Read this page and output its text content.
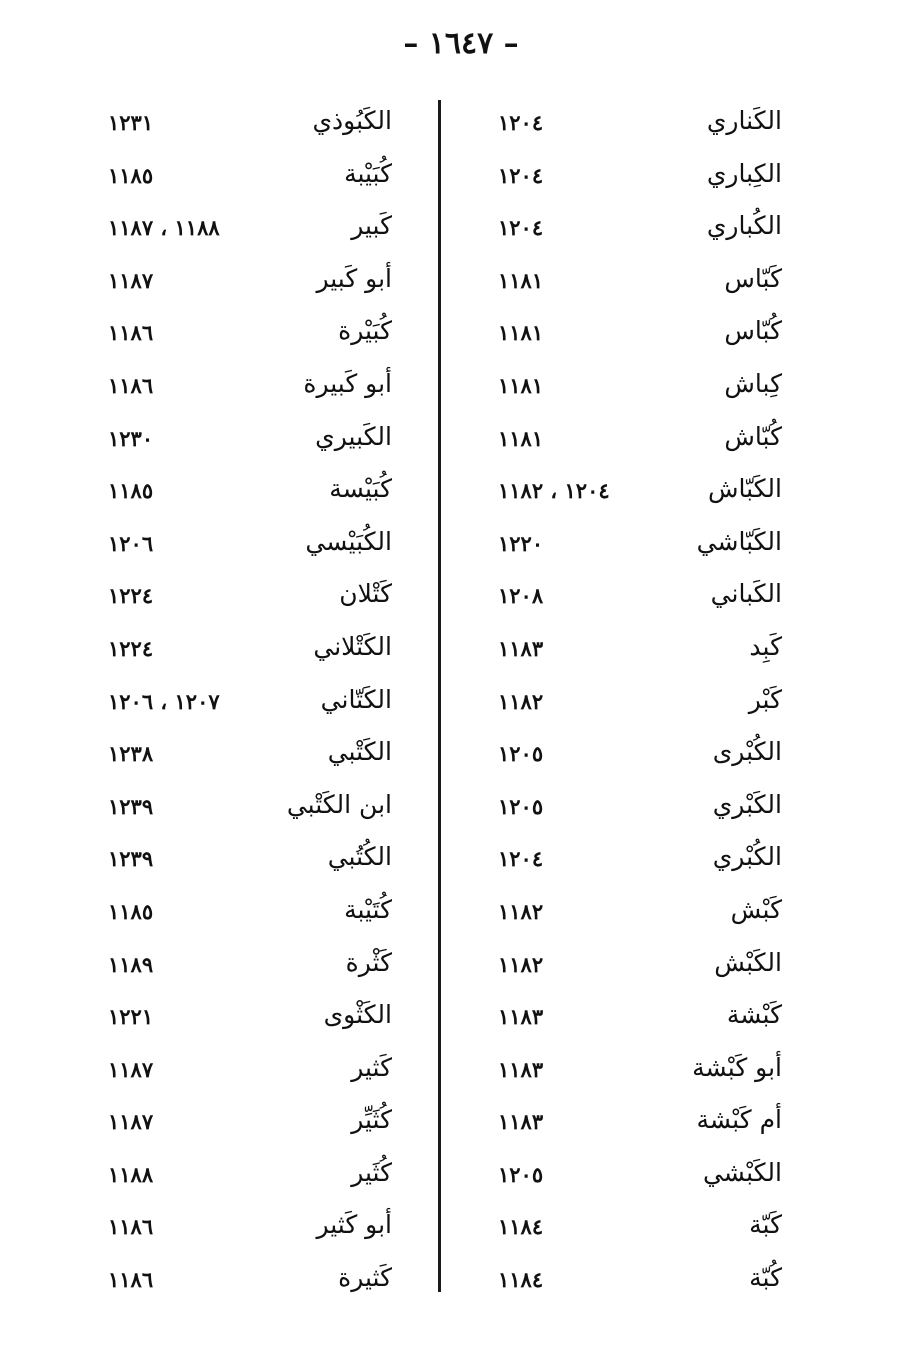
– ١٦٤٧ –
الكَناري
١٢٠٤
الكِباري
١٢٠٤
الكُباري
١٢٠٤
كَبّاس
١١٨١
كُبّاس
١١٨١
كِباش
١١٨١
كُبّاش
١١٨١
الكَبّاش
١٢٠٤ ، ١١٨٢
الكَبّاشي
١٢٢٠
الكَباني
١٢٠٨
كَبِد
١١٨٣
كَبْر
١١٨٢
الكُبْرى
١٢٠٥
الكَبْري
١٢٠٥
الكُبْري
١٢٠٤
كَبْش
١١٨٢
الكَبْش
١١٨٢
كَبْشة
١١٨٣
أبو كَبْشة
١١٨٣
أم كَبْشة
١١٨٣
الكَبْشي
١٢٠٥
كَبّة
١١٨٤
كُبّة
١١٨٤
الكَبُوذي
١٢٣١
كُبَيْبة
١١٨٥
كَبير
١١٨٨ ، ١١٨٧
أبو كَبير
١١٨٧
كُبَيْرة
١١٨٦
أبو كَبيرة
١١٨٦
الكَبيري
١٢٣٠
كُبَيْسة
١١٨٥
الكُبَيْسي
١٢٠٦
كَتْلان
١٢٢٤
الكَتْلاني
١٢٢٤
الكَتّاني
١٢٠٧ ، ١٢٠٦
الكَتْبي
١٢٣٨
ابن الكَتْبي
١٢٣٩
الكُتُبي
١٢٣٩
كُتَيْبة
١١٨٥
كَثْرة
١١٨٩
الكَثْوى
١٢٢١
كَثير
١١٨٧
كُثَيِّر
١١٨٧
كُثَير
١١٨٨
أبو كَثير
١١٨٦
كَثيرة
١١٨٦
